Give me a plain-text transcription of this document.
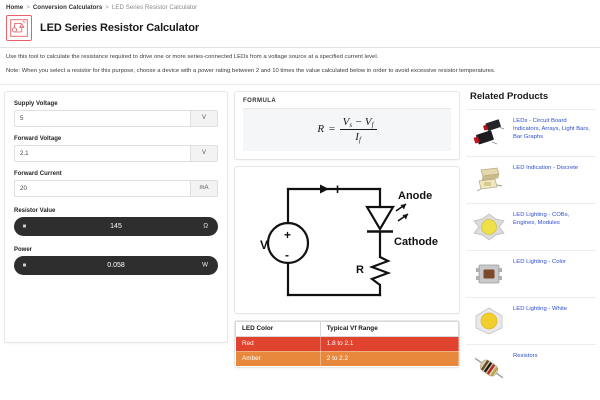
Home > Conversion Calculators > LED Series Resistor Calculator
LED Series Resistor Calculator

Use this tool to calculate the resistance required to drive one or more series-connected LEDs from a voltage source at a specified current level.

Note: When you select a resistor for this purpose, choose a device with a power rating between 2 and 10 times the value calculated below in order to avoid excessive resistor temperatures.

Supply Voltage
5
V
Forward Voltage
2.1
V
Forward Current
20
mA
Resistor Value
145	Ω
Power
0.058	W
FORMULA
$R = \frac{V_s - V_f}{I_f}$
I	Anode
Cathode
V
+
-
R
LED Color	Typical Vf Range
Red	1.8 to 2.1
Amber	2 to 2.2
Related Products
LEDs - Circuit Board Indicators, Arrays, Light Bars, Bar Graphs
LED Indication - Discrete
LED Lighting - COBs, Engines, Modules
LED Lighting - Color
LED Lighting - White
Resistors
